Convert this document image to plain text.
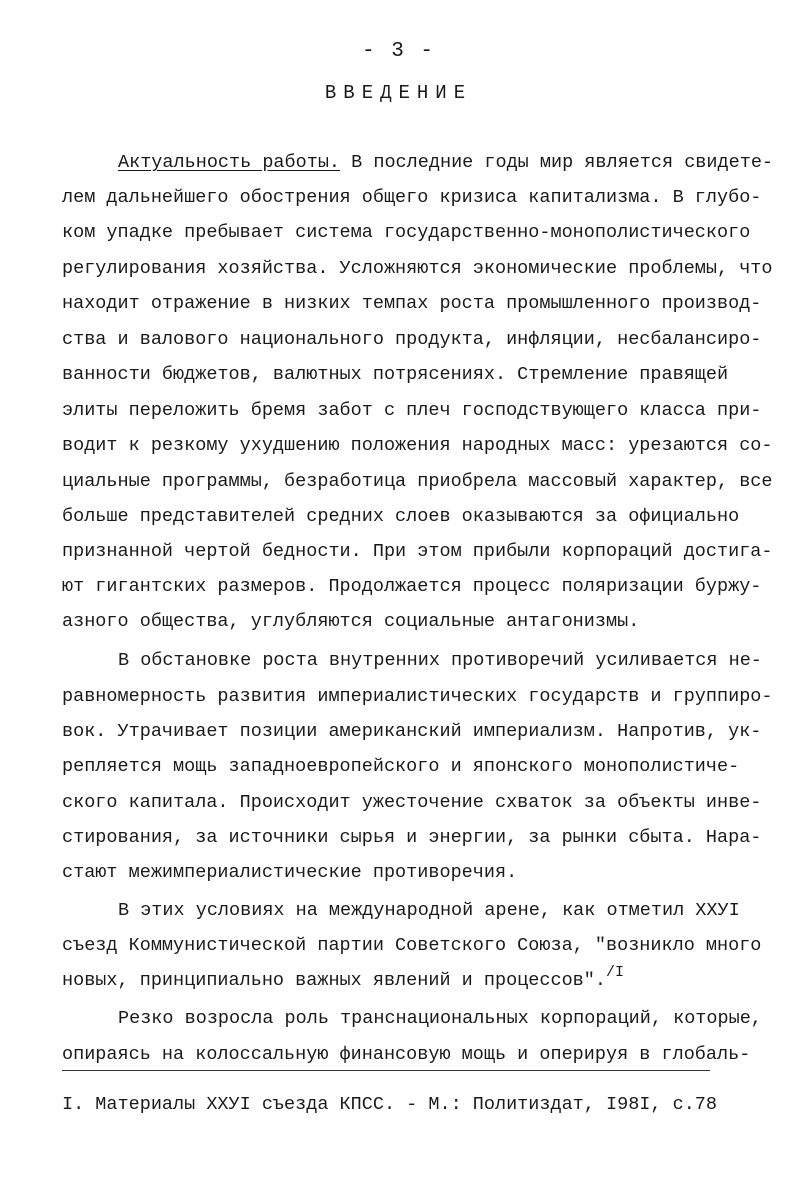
- 3 -
ВВЕДЕНИЕ
Актуальность работы. В последние годы мир является свидете-
лем дальнейшего обострения общего кризиса капитализма. В глубо-
ком упадке пребывает система государственно-монополистического
регулирования хозяйства. Усложняются экономические проблемы, что
находит отражение в низких темпах роста промышленного производ-
ства и валового национального продукта, инфляции, несбалансиро-
ванности бюджетов, валютных потрясениях. Стремление правящей
элиты переложить бремя забот с плеч господствующего класса при-
водит к резкому ухудшению положения народных масс: урезаются со-
циальные программы, безработица приобрела массовый характер, все
больше представителей средних слоев оказываются за официально
признанной чертой бедности. При этом прибыли корпораций достига-
ют гигантских размеров. Продолжается процесс поляризации буржу-
азного общества, углубляются социальные антагонизмы.
В обстановке роста внутренних противоречий усиливается не-
равномерность развития империалистических государств и группиро-
вок. Утрачивает позиции американский империализм. Напротив, ук-
репляется мощь западноевропейского и японского монополистиче-
ского капитала. Происходит ужесточение схваток за объекты инве-
стирования, за источники сырья и энергии, за рынки сбыта. Нара-
стают межимпериалистические противоречия.
В этих условиях на международной арене, как отметил XXУI
съезд Коммунистической партии Советского Союза, "возникло много
новых, принципиально важных явлений и процессов".$^{/I}$
Резко возросла роль транснациональных корпораций, которые,
опираясь на колоссальную финансовую мощь и оперируя в глобаль-
I. Материалы XXУI съезда КПСС. - М.: Политиздат, I98I, с.78
